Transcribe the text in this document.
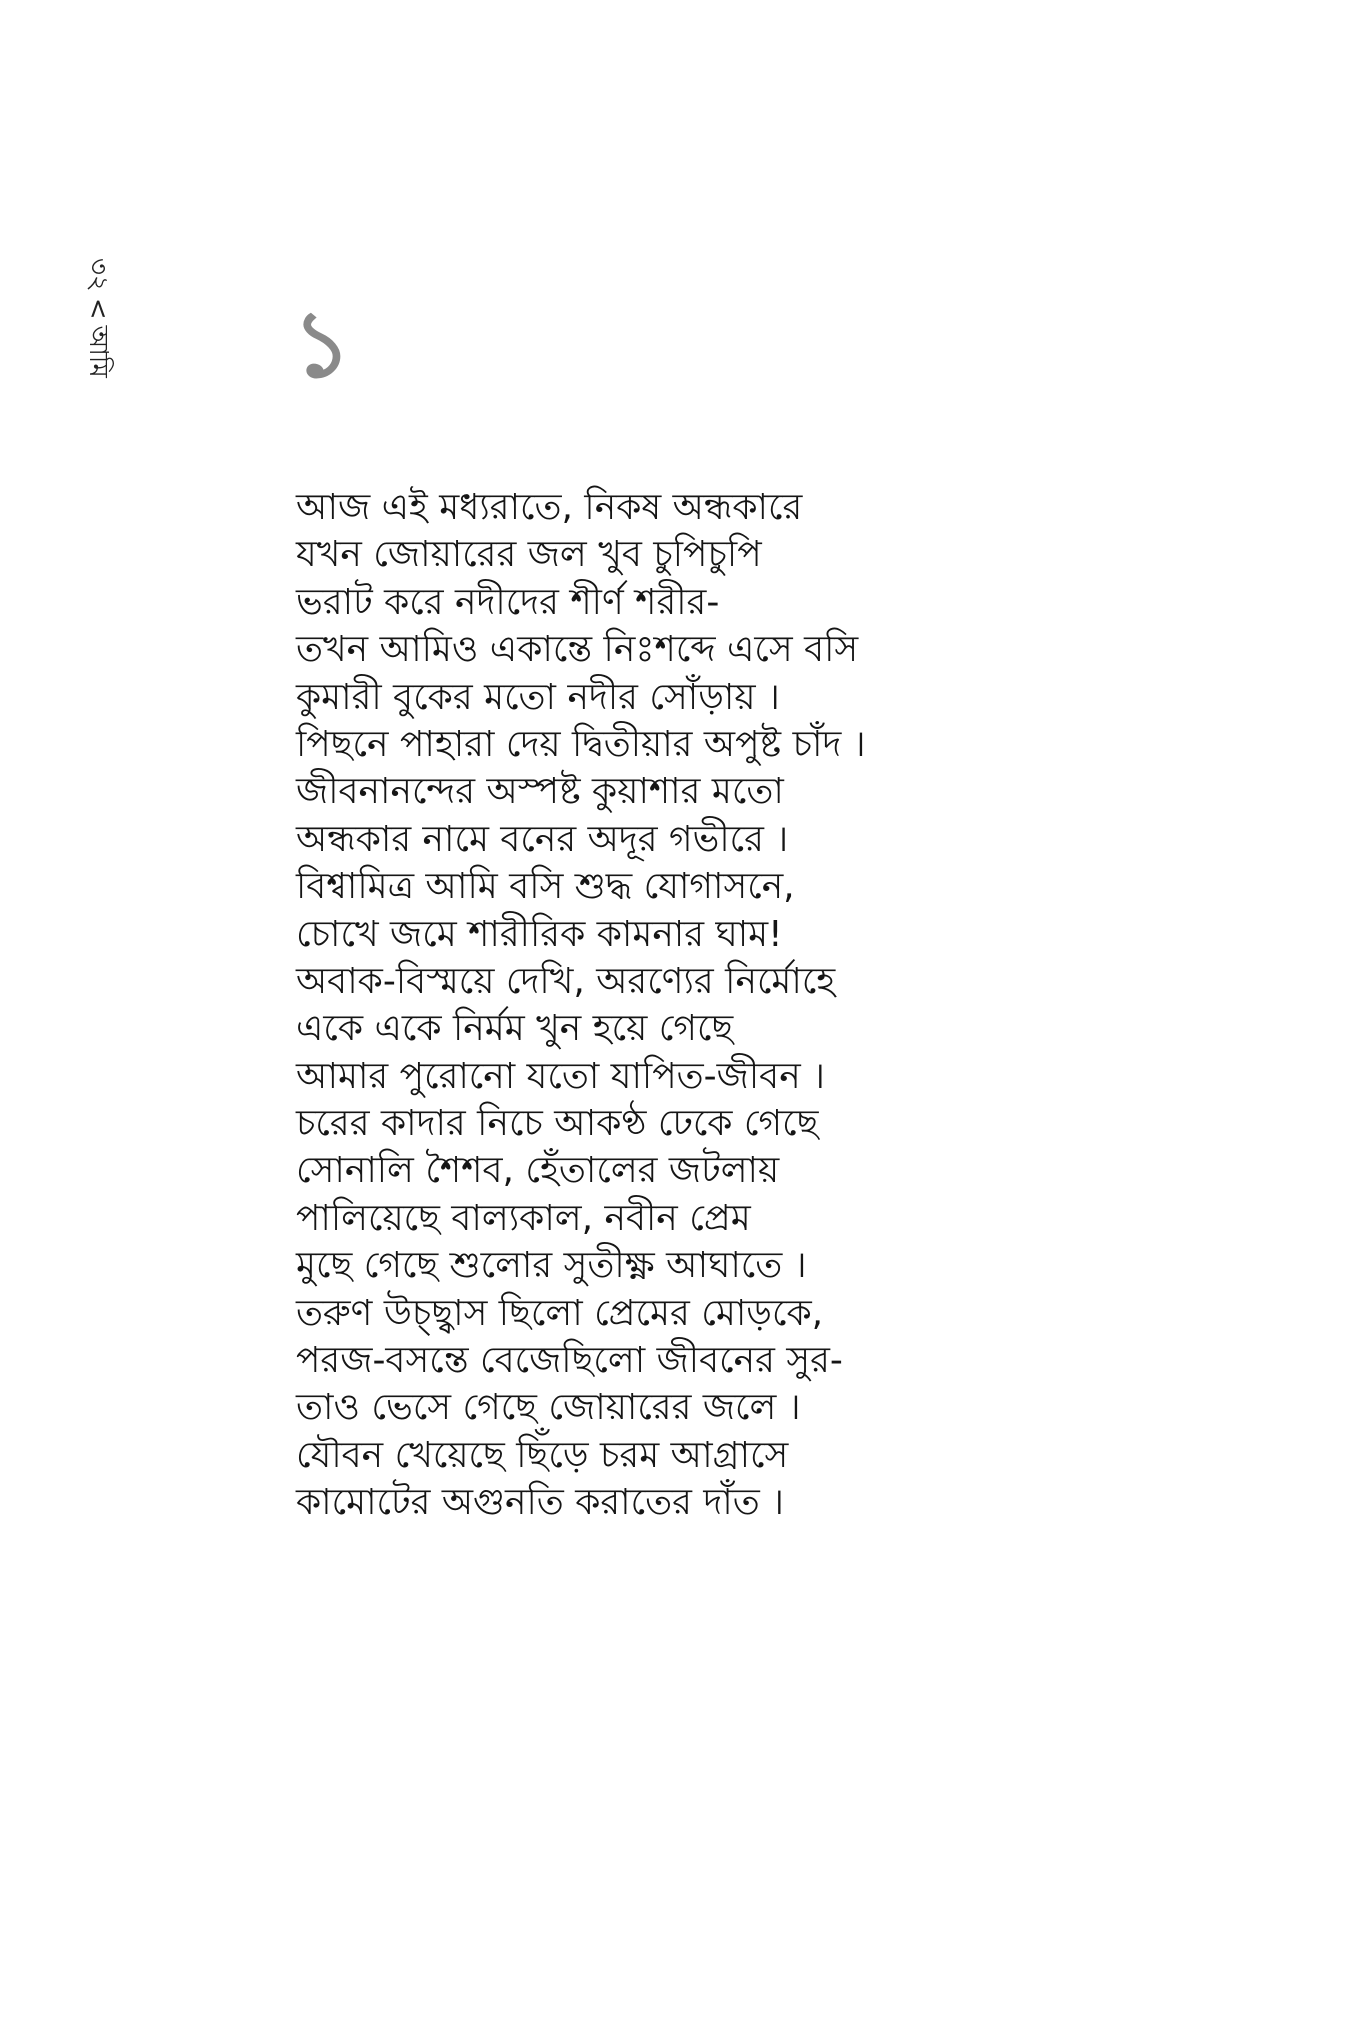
৩২<আমি ১
আজ এই মধ্যরাতে, নিকষ অন্ধকারে
যখন জোয়ারের জল খুব চুপিচুপি
ভরাট করে নদীদের শীর্ণ শরীর-
তখন আমিও একান্তে নিঃশব্দে এসে বসি
কুমারী বুকের মতো নদীর সোঁড়ায় ।
পিছনে পাহারা দেয় দ্বিতীয়ার অপুষ্ট চাঁদ ।
জীবনানন্দের অস্পষ্ট কুয়াশার মতো
অন্ধকার নামে বনের অদূর গভীরে ।
বিশ্বামিত্র আমি বসি শুদ্ধ যোগাসনে,
চোখে জমে শারীরিক কামনার ঘাম!
অবাক-বিস্ময়ে দেখি, অরণ্যের নির্মোহে
একে একে নির্মম খুন হয়ে গেছে
আমার পুরোনো যতো যাপিত-জীবন ।
চরের কাদার নিচে আকণ্ঠ ঢেকে গেছে
সোনালি শৈশব, হেঁতালের জটলায়
পালিয়েছে বাল্যকাল, নবীন প্রেম
মুছে গেছে শুলোর সুতীক্ষ্ণ আঘাতে ।
তরুণ উচ্ছ্বাস ছিলো প্রেমের মোড়কে,
পরজ-বসন্তে বেজেছিলো জীবনের সুর-
তাও ভেসে গেছে জোয়ারের জলে ।
যৌবন খেয়েছে ছিঁড়ে চরম আগ্রাসে
কামোটের অগুনতি করাতের দাঁত ।
